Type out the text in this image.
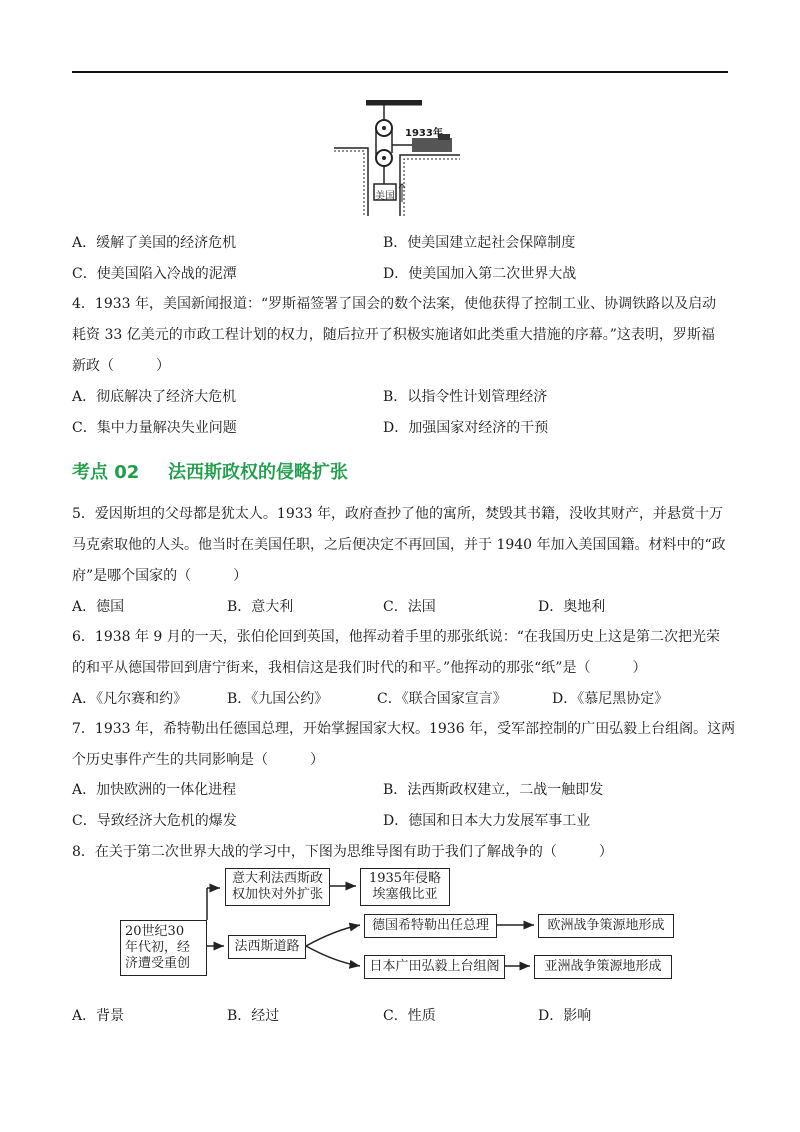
1933年
美国
A．缓解了美国的经济危机	B．使美国建立起社会保障制度
C．使美国陷入冷战的泥潭	D．使美国加入第二次世界大战
4．1933 年，美国新闻报道：“罗斯福签署了国会的数个法案，使他获得了控制工业、协调铁路以及启动
耗资 33 亿美元的市政工程计划的权力，随后拉开了积极实施诸如此类重大措施的序幕。”这表明，罗斯福
新政（　　　）
A．彻底解决了经济大危机	B．以指令性计划管理经济
C．集中力量解决失业问题	D．加强国家对经济的干预
考点 02 法西斯政权的侵略扩张
5．爱因斯坦的父母都是犹太人。1933 年，政府查抄了他的寓所，焚毁其书籍，没收其财产，并悬赏十万
马克索取他的人头。他当时在美国任职，之后便决定不再回国，并于 1940 年加入美国国籍。材料中的“政
府”是哪个国家的（　　　）
A．德国	B．意大利	C．法国	D．奥地利
6．1938 年 9 月的一天，张伯伦回到英国，他挥动着手里的那张纸说：“在我国历史上这是第二次把光荣
的和平从德国带回到唐宁街来，我相信这是我们时代的和平。”他挥动的那张“纸”是（　　　）
A．《凡尔赛和约》	B．《九国公约》	C．《联合国家宣言》	D．《慕尼黑协定》
7．1933 年，希特勒出任德国总理，开始掌握国家大权。1936 年，受军部控制的广田弘毅上台组阁。这两
个历史事件产生的共同影响是（　　　）
A．加快欧洲的一体化进程	B．法西斯政权建立，二战一触即发
C．导致经济大危机的爆发	D．德国和日本大力发展军事工业
8．在关于第二次世界大战的学习中，下图为思维导图有助于我们了解战争的（　　　）
20世纪30
年代初，经
济遭受重创
意大利法西斯政
权加快对外扩张
1935年侵略
埃塞俄比亚
法西斯道路
德国希特勒出任总理	欧洲战争策源地形成
日本广田弘毅上台组阁	亚洲战争策源地形成
A．背景	B．经过	C．性质	D．影响
